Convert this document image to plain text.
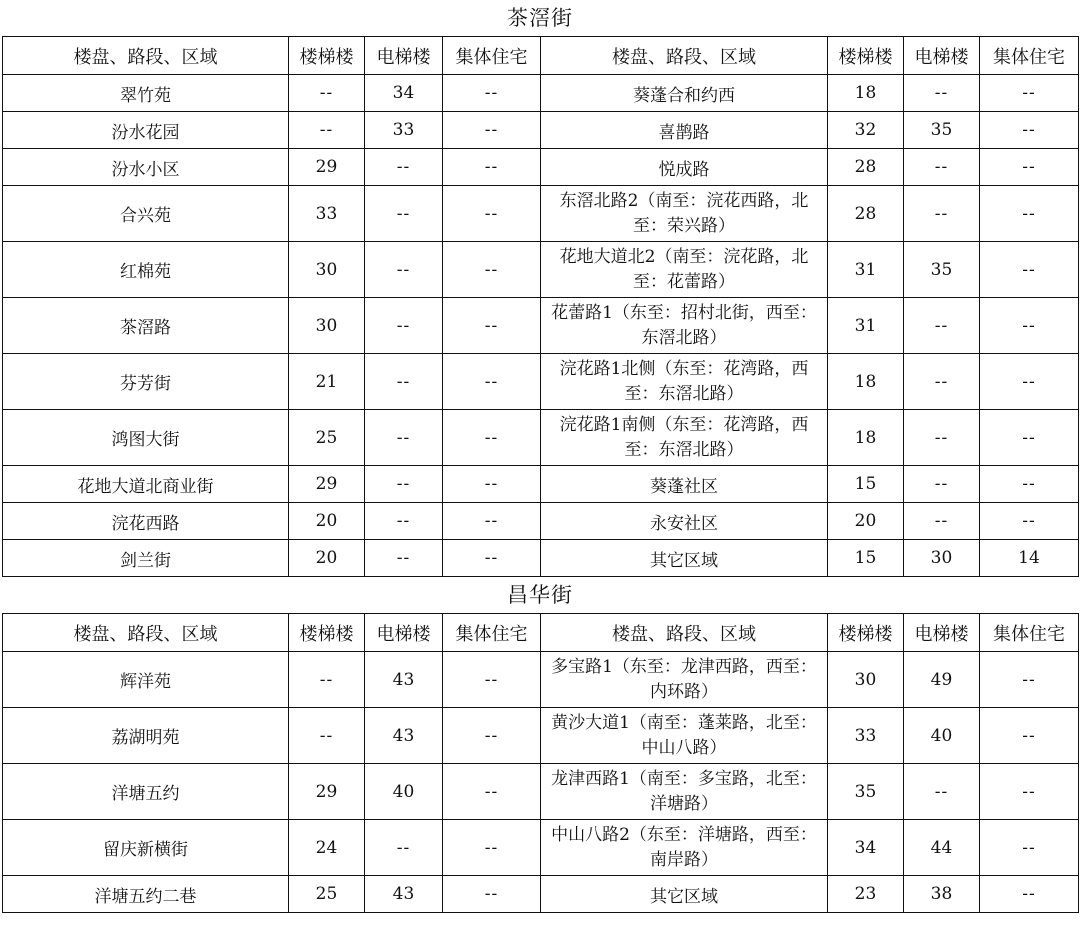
茶滘街
楼盘、路段、区域	楼梯楼	电梯楼	集体住宅	楼盘、路段、区域	楼梯楼	电梯楼	集体住宅
翠竹苑	--	34	--	葵蓬合和约西	18	--	--
汾水花园	--	33	--	喜鹊路	32	35	--
汾水小区	29	--	--	悦成路	28	--	--
合兴苑	33	--	--	东滘北路2（南至：浣花西路，北至：荣兴路）	28	--	--
红棉苑	30	--	--	花地大道北2（南至：浣花路，北至：花蕾路）	31	35	--
茶滘路	30	--	--	花蕾路1（东至：招村北街，西至：东滘北路）	31	--	--
芬芳街	21	--	--	浣花路1北侧（东至：花湾路，西至：东滘北路）	18	--	--
鸿图大街	25	--	--	浣花路1南侧（东至：花湾路，西至：东滘北路）	18	--	--
花地大道北商业街	29	--	--	葵蓬社区	15	--	--
浣花西路	20	--	--	永安社区	20	--	--
剑兰街	20	--	--	其它区域	15	30	14
昌华街
楼盘、路段、区域	楼梯楼	电梯楼	集体住宅	楼盘、路段、区域	楼梯楼	电梯楼	集体住宅
辉洋苑	--	43	--	多宝路1（东至：龙津西路，西至：内环路）	30	49	--
荔湖明苑	--	43	--	黄沙大道1（南至：蓬莱路，北至：中山八路）	33	40	--
洋塘五约	29	40	--	龙津西路1（南至：多宝路，北至：洋塘路）	35	--	--
留庆新横街	24	--	--	中山八路2（东至：洋塘路，西至：南岸路）	34	44	--
洋塘五约二巷	25	43	--	其它区域	23	38	--
